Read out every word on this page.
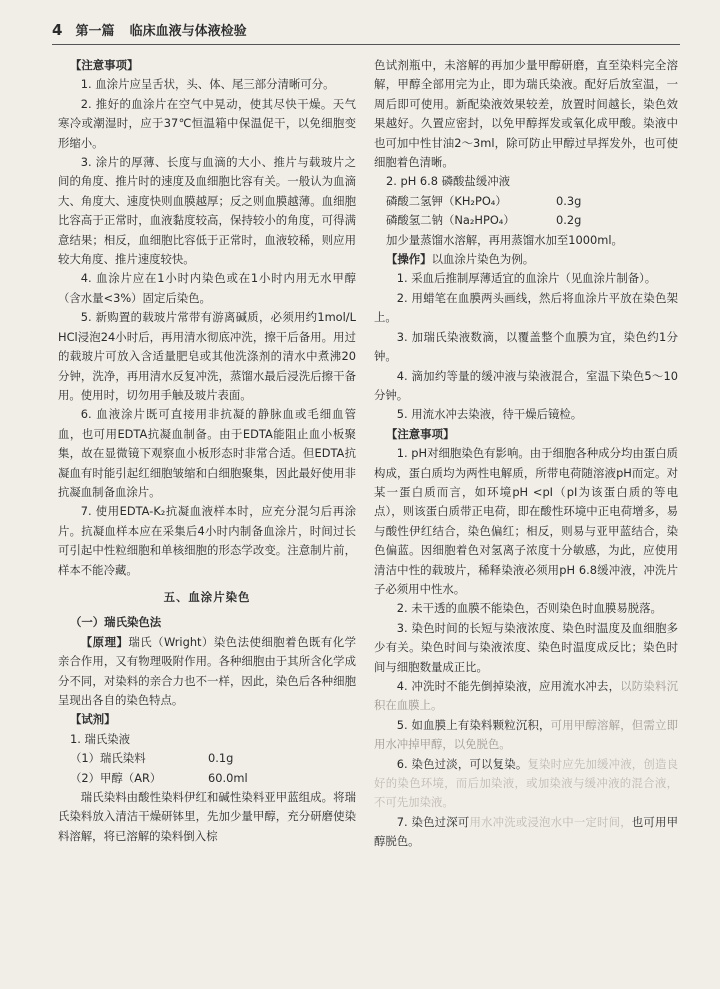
4 第一篇 临床血液与体液检验

【注意事项】

1. 血涂片应呈舌状，头、体、尾三部分清晰可分。

2. 推好的血涂片在空气中晃动，使其尽快干燥。天气寒冷或潮湿时，应于37℃恒温箱中保温促干，以免细胞变形缩小。

3. 涂片的厚薄、长度与血滴的大小、推片与载玻片之间的角度、推片时的速度及血细胞比容有关。一般认为血滴大、角度大、速度快则血膜越厚；反之则血膜越薄。血细胞比容高于正常时，血液黏度较高，保持较小的角度，可得满意结果；相反，血细胞比容低于正常时，血液较稀，则应用较大角度、推片速度较快。

4. 血涂片应在1小时内染色或在1小时内用无水甲醇（含水量<3%）固定后染色。

5. 新购置的载玻片常带有游离碱质，必须用约1mol/L HCl浸泡24小时后，再用清水彻底冲洗，擦干后备用。用过的载玻片可放入含适量肥皂或其他洗涤剂的清水中煮沸20分钟，洗净，再用清水反复冲洗，蒸馏水最后浸洗后擦干备用。使用时，切勿用手触及玻片表面。

6. 血液涂片既可直接用非抗凝的静脉血或毛细血管血，也可用EDTA抗凝血制备。由于EDTA能阻止血小板聚集，故在显微镜下观察血小板形态时非常合适。但EDTA抗凝血有时能引起红细胞皱缩和白细胞聚集，因此最好使用非抗凝血制备血涂片。

7. 使用EDTA-K₂抗凝血液样本时，应充分混匀后再涂片。抗凝血样本应在采集后4小时内制备血涂片，时间过长可引起中性粒细胞和单核细胞的形态学改变。注意制片前，样本不能冷藏。

五、血涂片染色

（一）瑞氏染色法

【原理】瑞氏（Wright）染色法使细胞着色既有化学亲合作用，又有物理吸附作用。各种细胞由于其所含化学成分不同，对染料的亲合力也不一样，因此，染色后各种细胞呈现出各自的染色特点。

【试剂】

1. 瑞氏染液

（1）瑞氏染料	0.1g
（2）甲醇（AR）	60.0ml

瑞氏染料由酸性染料伊红和碱性染料亚甲蓝组成。将瑞氏染料放入清洁干燥研钵里，先加少量甲醇，充分研磨使染料溶解，将已溶解的染料倒入棕

色试剂瓶中，未溶解的再加少量甲醇研磨，直至染料完全溶解，甲醇全部用完为止，即为瑞氏染液。配好后放室温，一周后即可使用。新配染液效果较差，放置时间越长，染色效果越好。久置应密封，以免甲醇挥发或氧化成甲酸。染液中也可加中性甘油2～3ml，除可防止甲醇过早挥发外，也可使细胞着色清晰。

2. pH 6.8 磷酸盐缓冲液

磷酸二氢钾（KH₂PO₄）	0.3g
磷酸氢二钠（Na₂HPO₄）	0.2g

加少量蒸馏水溶解，再用蒸馏水加至1000ml。

【操作】以血涂片染色为例。

1. 采血后推制厚薄适宜的血涂片（见血涂片制备）。

2. 用蜡笔在血膜两头画线，然后将血涂片平放在染色架上。

3. 加瑞氏染液数滴，以覆盖整个血膜为宜，染色约1分钟。

4. 滴加约等量的缓冲液与染液混合，室温下染色5～10分钟。

5. 用流水冲去染液，待干燥后镜检。

【注意事项】

1. pH对细胞染色有影响。由于细胞各种成分均由蛋白质构成，蛋白质均为两性电解质，所带电荷随溶液pH而定。对某一蛋白质而言，如环境pH <pI（pI为该蛋白质的等电点），则该蛋白质带正电荷，即在酸性环境中正电荷增多，易与酸性伊红结合，染色偏红；相反，则易与亚甲蓝结合，染色偏蓝。因细胞着色对氢离子浓度十分敏感，为此，应使用清洁中性的载玻片，稀释染液必须用pH 6.8缓冲液，冲洗片子必须用中性水。

2. 未干透的血膜不能染色，否则染色时血膜易脱落。

3. 染色时间的长短与染液浓度、染色时温度及血细胞多少有关。染色时间与染液浓度、染色时温度成反比；染色时间与细胞数量成正比。

4. 冲洗时不能先倒掉染液，应用流水冲去，以防染料沉积在血膜上。

5. 如血膜上有染料颗粒沉积，可用甲醇溶解，但需立即用水冲掉甲醇，以免脱色。

6. 染色过淡，可以复染。复染时应先加缓冲液，创造良好的染色环境，而后加染液，或加染液与缓冲液的混合液，不可先加染液。

7. 染色过深可用水冲洗或浸泡水中一定时间，也可用甲醇脱色。
